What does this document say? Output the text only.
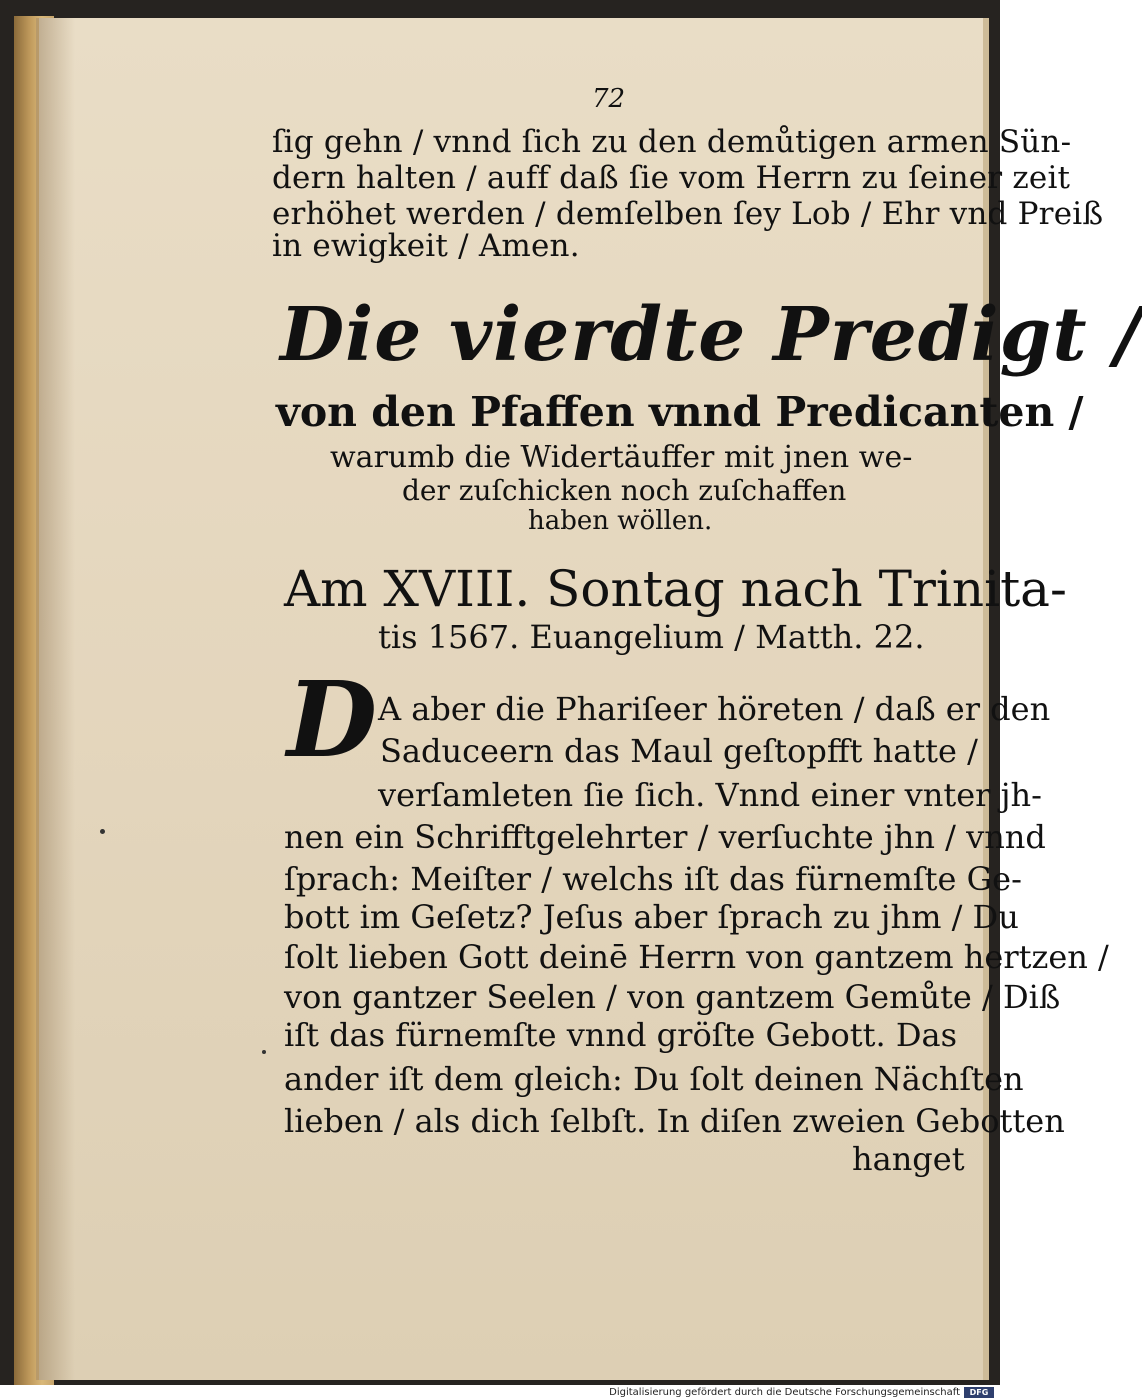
72
ſig gehn / vnnd ſich zu den demůtigen armen Sün-
dern halten / auff daß ſie vom Herrn zu ſeiner zeit
erhöhet werden / demſelben ſey Lob / Ehr vnd Preiß
in ewigkeit / Amen.
Die vierdte Predigt /
von den Pfaffen vnnd Predicanten /
warumb die Widertäuffer mit jnen we-
der zuſchicken noch zuſchaffen
haben wöllen.
Am XVIII. Sontag nach Trinita-
tis 1567. Euangelium / Matth. 22.
D A aber die Phariſeer höreten / daß er den
Saduceern das Maul geſtopfft hatte /
verſamleten ſie ſich. Vnnd einer vnter jh-
nen ein Schrifftgelehrter / verſuchte jhn / vnnd
ſprach: Meiſter / welchs iſt das fürnemſte Ge-
bott im Geſetz? Jeſus aber ſprach zu jhm / Du
ſolt lieben Gott deinē Herrn von gantzem hertzen /
von gantzer Seelen / von gantzem Gemůte / Diß
iſt das fürnemſte vnnd gröſte Gebott. Das
ander iſt dem gleich: Du ſolt deinen Nächſten
lieben / als dich ſelbſt. In diſen zweien Gebotten
hanget
Digitalisierung gefördert durch die Deutsche Forschungsgemeinschaft	DFG
